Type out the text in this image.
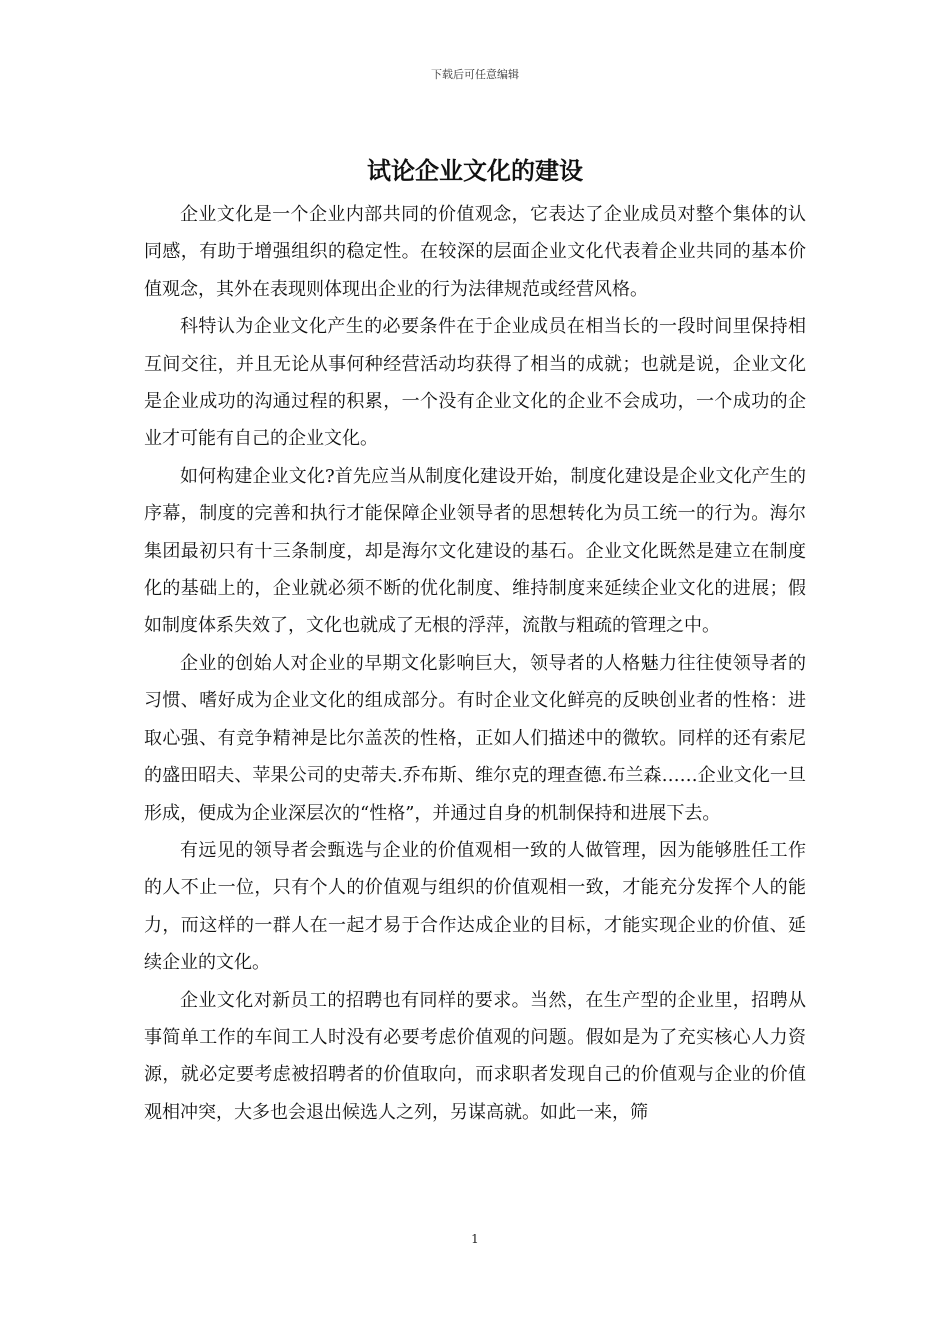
下载后可任意编辑
试论企业文化的建设

企业文化是一个企业内部共同的价值观念，它表达了企业成员对整个集体的认同感，有助于增强组织的稳定性。在较深的层面企业文化代表着企业共同的基本价值观念，其外在表现则体现出企业的行为法律规范或经营风格。

科特认为企业文化产生的必要条件在于企业成员在相当长的一段时间里保持相互间交往，并且无论从事何种经营活动均获得了相当的成就；也就是说，企业文化是企业成功的沟通过程的积累，一个没有企业文化的企业不会成功，一个成功的企业才可能有自己的企业文化。

如何构建企业文化?首先应当从制度化建设开始，制度化建设是企业文化产生的序幕，制度的完善和执行才能保障企业领导者的思想转化为员工统一的行为。海尔集团最初只有十三条制度，却是海尔文化建设的基石。企业文化既然是建立在制度化的基础上的，企业就必须不断的优化制度、维持制度来延续企业文化的进展；假如制度体系失效了，文化也就成了无根的浮萍，流散与粗疏的管理之中。

企业的创始人对企业的早期文化影响巨大，领导者的人格魅力往往使领导者的习惯、嗜好成为企业文化的组成部分。有时企业文化鲜亮的反映创业者的性格：进取心强、有竞争精神是比尔盖茨的性格，正如人们描述中的微软。同样的还有索尼的盛田昭夫、苹果公司的史蒂夫.乔布斯、维尔克的理查德.布兰森……企业文化一旦形成，便成为企业深层次的“性格”，并通过自身的机制保持和进展下去。

有远见的领导者会甄选与企业的价值观相一致的人做管理，因为能够胜任工作的人不止一位，只有个人的价值观与组织的价值观相一致，才能充分发挥个人的能力，而这样的一群人在一起才易于合作达成企业的目标，才能实现企业的价值、延续企业的文化。

企业文化对新员工的招聘也有同样的要求。当然，在生产型的企业里，招聘从事简单工作的车间工人时没有必要考虑价值观的问题。假如是为了充实核心人力资源，就必定要考虑被招聘者的价值取向，而求职者发现自己的价值观与企业的价值观相冲突，大多也会退出候选人之列，另谋高就。如此一来，筛

1
